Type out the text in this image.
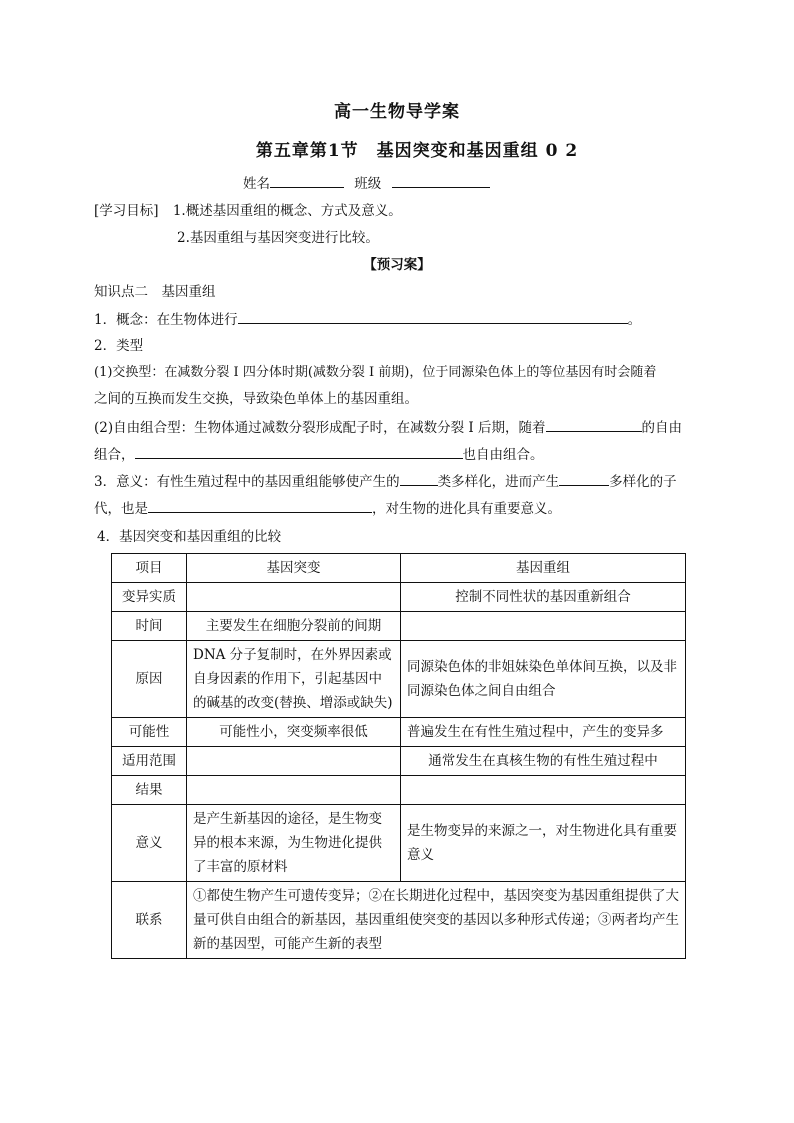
高一生物导学案
第五章第1节　基因突变和基因重组 0 2
姓名	班级
[学习目标] 1.概述基因重组的概念、方式及意义。
2.基因重组与基因突变进行比较。
【预习案】
知识点二　基因重组
1．概念：在生物体进行	。
2．类型
(1)交换型：在减数分裂 I 四分体时期(减数分裂 I 前期)，位于同源染色体上的等位基因有时会随着
之间的互换而发生交换，导致染色单体上的基因重组。
(2)自由组合型：生物体通过减数分裂形成配子时，在减数分裂 I 后期，随着	的自由
组合，	也自由组合。
3．意义：有性生殖过程中的基因重组能够使产生的	类多样化，进而产生	多样化的子
代，也是	，对生物的进化具有重要意义。
4．基因突变和基因重组的比较
项目	基因突变	基因重组
变异实质		控制不同性状的基因重新组合
时间	主要发生在细胞分裂前的间期	
原因	DNA 分子复制时，在外界因素或自身因素的作用下，引起基因中的碱基的改变(替换、增添或缺失)	同源染色体的非姐妹染色单体间互换，以及非同源染色体之间自由组合
可能性	可能性小，突变频率很低	普遍发生在有性生殖过程中，产生的变异多
适用范围		通常发生在真核生物的有性生殖过程中
结果		
意义	是产生新基因的途径，是生物变异的根本来源，为生物进化提供了丰富的原材料	是生物变异的来源之一，对生物进化具有重要意义
联系	①都使生物产生可遗传变异；②在长期进化过程中，基因突变为基因重组提供了大量可供自由组合的新基因，基因重组使突变的基因以多种形式传递；③两者均产生新的基因型，可能产生新的表型	
